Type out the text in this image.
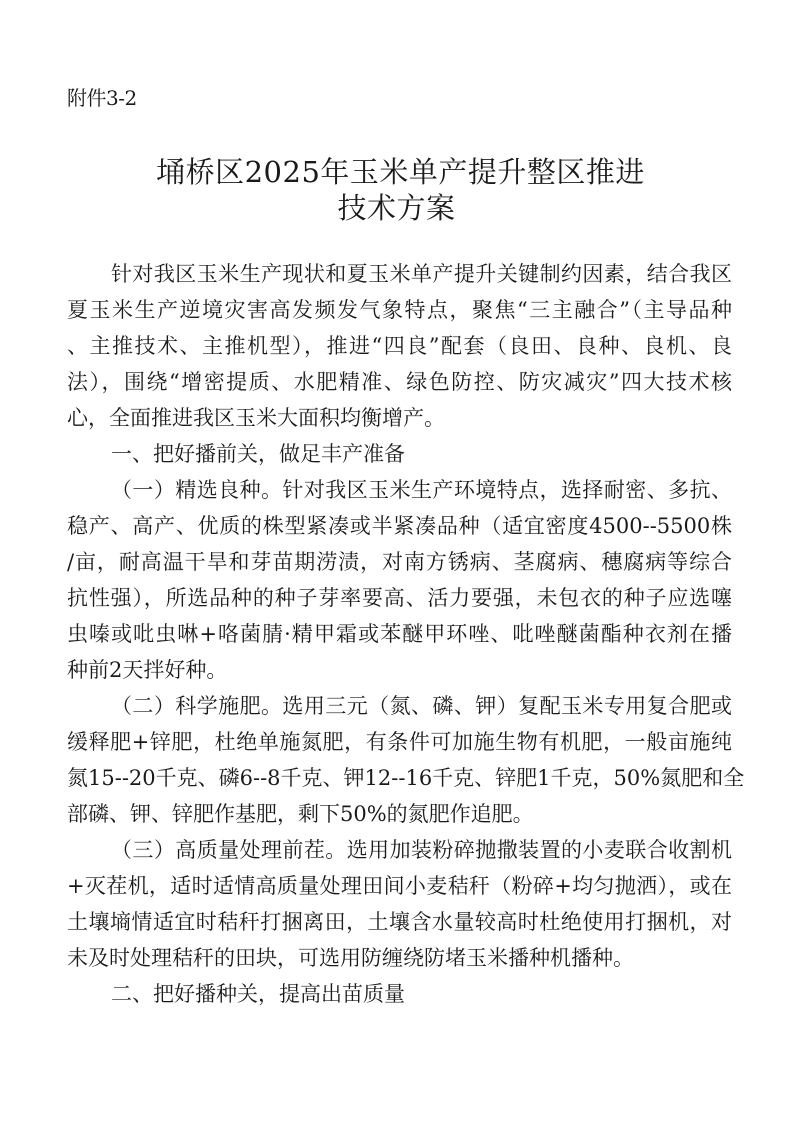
附件3-2
埇桥区2025年玉米单产提升整区推进
技术方案
针对我区玉米生产现状和夏玉米单产提升关键制约因素，结合我区
夏玉米生产逆境灾害高发频发气象特点，聚焦“三主融合”（主导品种
、主推技术、主推机型），推进“四良”配套（良田、良种、良机、良
法），围绕“增密提质、水肥精准、绿色防控、防灾减灾”四大技术核
心，全面推进我区玉米大面积均衡增产。
一、把好播前关，做足丰产准备
（一）精选良种。针对我区玉米生产环境特点，选择耐密、多抗、
稳产、高产、优质的株型紧凑或半紧凑品种（适宜密度4500--5500株
/亩，耐高温干旱和芽苗期涝渍，对南方锈病、茎腐病、穗腐病等综合
抗性强），所选品种的种子芽率要高、活力要强，未包衣的种子应选噻
虫嗪或吡虫啉+咯菌腈·精甲霜或苯醚甲环唑、吡唑醚菌酯种衣剂在播
种前2天拌好种。
（二）科学施肥。选用三元（氮、磷、钾）复配玉米专用复合肥或
缓释肥+锌肥，杜绝单施氮肥，有条件可加施生物有机肥，一般亩施纯
氮15--20千克、磷6--8千克、钾12--16千克、锌肥1千克，50%氮肥和全
部磷、钾、锌肥作基肥，剩下50%的氮肥作追肥。
（三）高质量处理前茬。选用加装粉碎抛撒装置的小麦联合收割机
+灭茬机，适时适情高质量处理田间小麦秸秆（粉碎+均匀抛洒），或在
土壤墒情适宜时秸秆打捆离田，土壤含水量较高时杜绝使用打捆机，对
未及时处理秸秆的田块，可选用防缠绕防堵玉米播种机播种。
二、把好播种关，提高出苗质量
